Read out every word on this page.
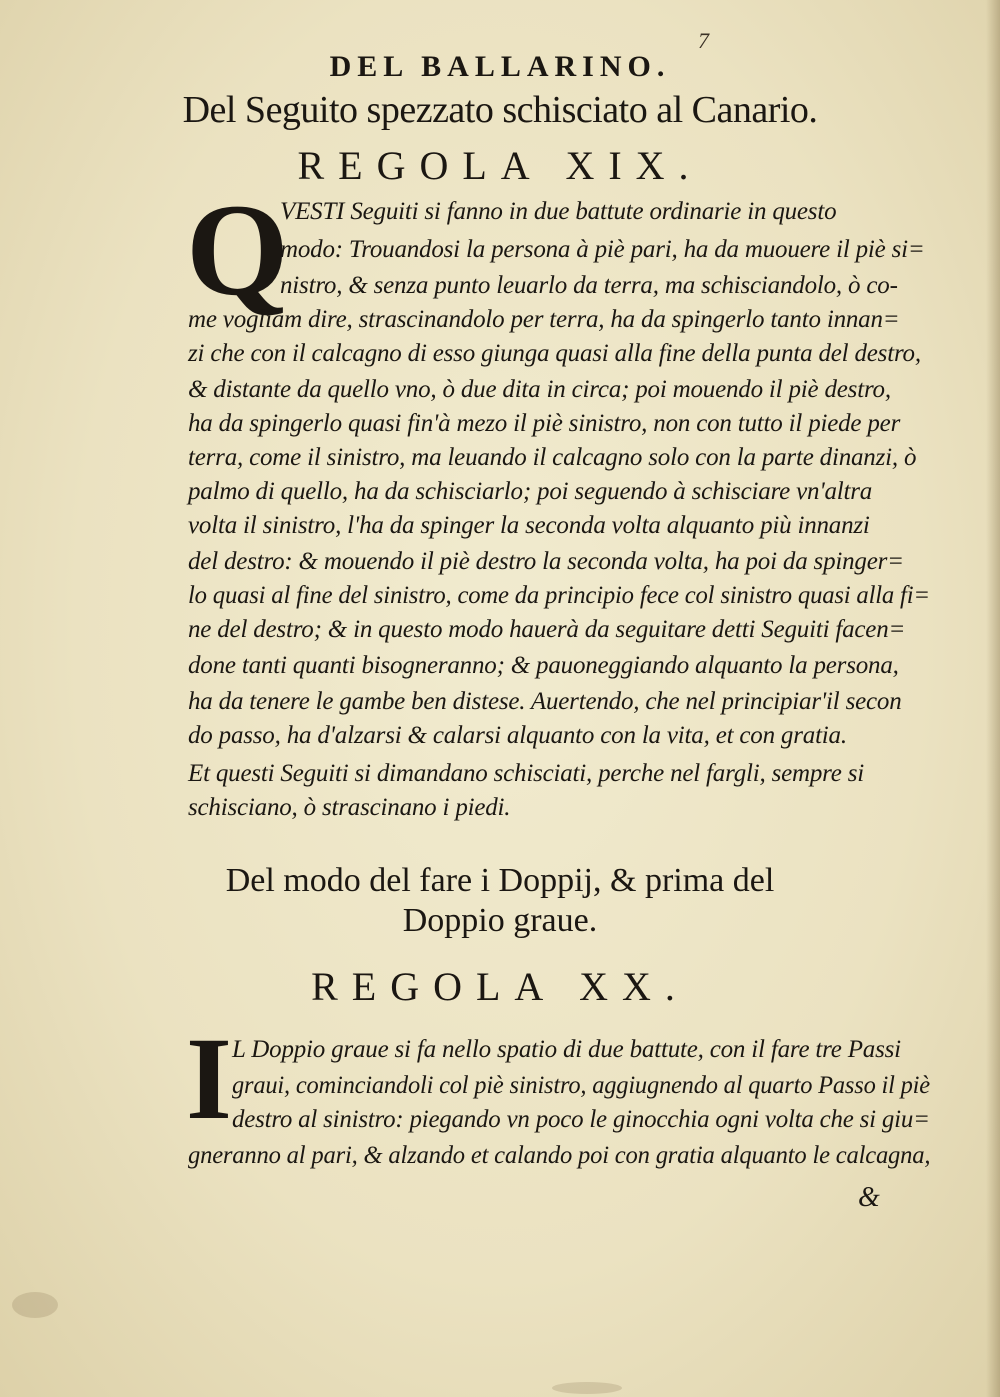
7
DEL BALLARINO.
Del Seguito spezzato schisciato al Canario.
REGOLA XIX.
Q
VESTI Seguiti si fanno in due battute ordinarie in questo
modo: Trouandosi la persona à piè pari, ha da muouere il piè si=
nistro, & senza punto leuarlo da terra, ma schisciandolo, ò co-
me vogliam dire, strascinandolo per terra, ha da spingerlo tanto innan=
zi che con il calcagno di esso giunga quasi alla fine della punta del destro,
& distante da quello vno, ò due dita in circa; poi mouendo il piè destro,
ha da spingerlo quasi fin'à mezo il piè sinistro, non con tutto il piede per
terra, come il sinistro, ma leuando il calcagno solo con la parte dinanzi, ò
palmo di quello, ha da schisciarlo; poi seguendo à schisciare vn'altra
volta il sinistro, l'ha da spinger la seconda volta alquanto più innanzi
del destro: & mouendo il piè destro la seconda volta, ha poi da spinger=
lo quasi al fine del sinistro, come da principio fece col sinistro quasi alla fi=
ne del destro; & in questo modo hauerà da seguitare detti Seguiti facen=
done tanti quanti bisogneranno; & pauoneggiando alquanto la persona,
ha da tenere le gambe ben distese. Auertendo, che nel principiar'il secon
do passo, ha d'alzarsi & calarsi alquanto con la vita, et con gratia.
Et questi Seguiti si dimandano schisciati, perche nel fargli, sempre si
schisciano, ò strascinano i piedi.
Del modo del fare i Doppij, & prima del
Doppio graue.
REGOLA XX.
I L Doppio graue si fa nello spatio di due battute, con il fare tre Passi
graui, cominciandoli col piè sinistro, aggiugnendo al quarto Passo il piè
destro al sinistro: piegando vn poco le ginocchia ogni volta che si giu=
gneranno al pari, & alzando et calando poi con gratia alquanto le calcagna,
&
